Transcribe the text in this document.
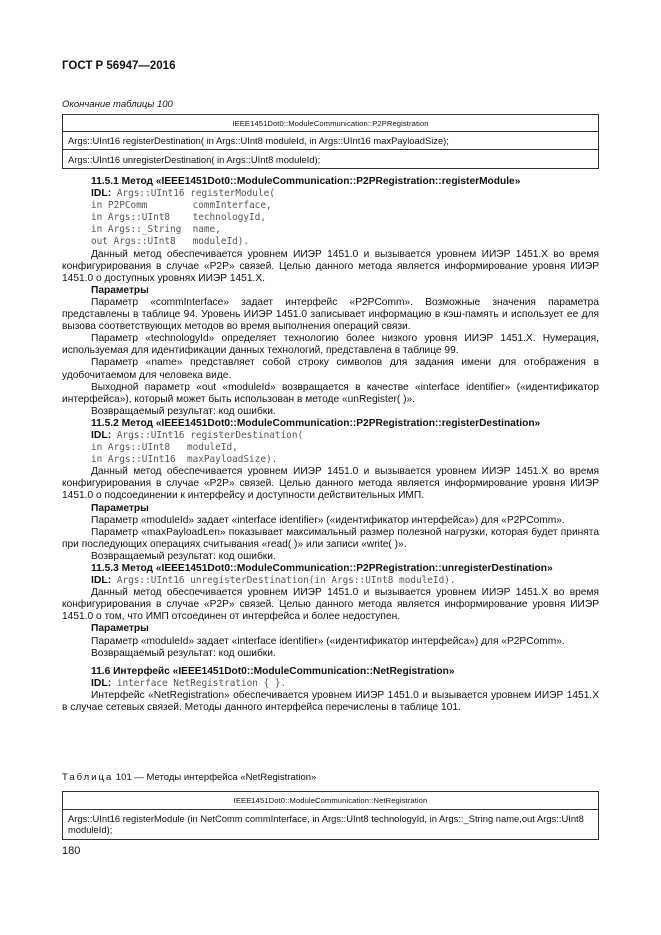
ГОСТ Р 56947—2016
Окончание таблицы 100
IEEE1451Dot0::ModuleCommunication::P2PRegistration
Args::UInt16 registerDestination( in Args::UInt8 moduleId, in Args::UInt16 maxPayloadSize);
Args::UInt16 unregisterDestination( in Args::UInt8 moduleId);

11.5.1 Метод «IEEE1451Dot0::ModuleCommunication::P2PRegistration::registerModule»

IDL: Args::UInt16 registerModule(
in P2PComm        commInterface,
in Args::UInt8    technologyId,
in Args::_String  name,
out Args::UInt8   moduleId).

Данный метод обеспечивается уровнем ИИЭР 1451.0 и вызывается уровнем ИИЭР 1451.X во время конфигурирования в случае «P2P» связей. Целью данного метода является информирование уровня ИИЭР 1451.0 о доступных уровнях ИИЭР 1451.X.

Параметры

Параметр «commInterface» задает интерфейс «P2PComm». Возможные значения параметра представлены в таблице 94. Уровень ИИЭР 1451.0 записывает информацию в кэш-память и использует ее для вызова соответствующих методов во время выполнения операций связи.

Параметр «technologyId» определяет технологию более низкого уровня ИИЭР 1451.X. Нумерация, используемая для идентификации данных технологий, представлена в таблице 99.

Параметр «name» представляет собой строку символов для задания имени для отображения в удобочитаемом для человека виде.

Выходной параметр «out «moduleId» возвращается в качестве «interface identifier» («идентификатор интерфейса»), который может быть использован в методе «unRegister( )».

Возвращаемый результат: код ошибки.

11.5.2 Метод «IEEE1451Dot0::ModuleCommunication::P2PRegistration::registerDestination»

IDL: Args::UInt16 registerDestination(
in Args::UInt8   moduleId,
in Args::UInt16  maxPayloadSize).

Данный метод обеспечивается уровнем ИИЭР 1451.0 и вызывается уровнем ИИЭР 1451.X во время конфигурирования в случае «P2P» связей. Целью данного метода является информирование уровня ИИЭР 1451.0 о подсоединении к интерфейсу и доступности действительных ИМП.

Параметры

Параметр «moduleId» задает «interface identifier» («идентификатор интерфейса») для «P2PComm».

Параметр «maxPayloadLen» показывает максимальный размер полезной нагрузки, которая будет принята при последующих операциях считывания «read( )» или записи «write( )».

Возвращаемый результат: код ошибки.

11.5.3 Метод «IEEE1451Dot0::ModuleCommunication::P2PRegistration::unregisterDestination»

IDL: Args::UInt16 unregisterDestination(in Args::UInt8 moduleId).

Данный метод обеспечивается уровнем ИИЭР 1451.0 и вызывается уровнем ИИЭР 1451.X во время конфигурирования в случае «P2P» связей. Целью данного метода является информирование уровня ИИЭР 1451.0 о том, что ИМП отсоединен от интерфейса и более недоступен.

Параметры

Параметр «moduleId» задает «interface identifier» («идентификатор интерфейса») для «P2PComm».

Возвращаемый результат: код ошибки.

11.6 Интерфейс «IEEE1451Dot0::ModuleCommunication::NetRegistration»

IDL: interface NetRegistration { }.

Интерфейс «NetRegistration» обеспечивается уровнем ИИЭР 1451.0 и вызывается уровнем ИИЭР 1451.X в случае сетевых связей. Методы данного интерфейса перечислены в таблице 101.

Таблица 101 — Методы интерфейса «NetRegistration»
IEEE1451Dot0::ModuleCommunication::NetRegistration
Args::UInt16 registerModule (in NetComm commInterface, in Args::UInt8 technologyId, in Args::_String name,out Args::UInt8 moduleId);
180
